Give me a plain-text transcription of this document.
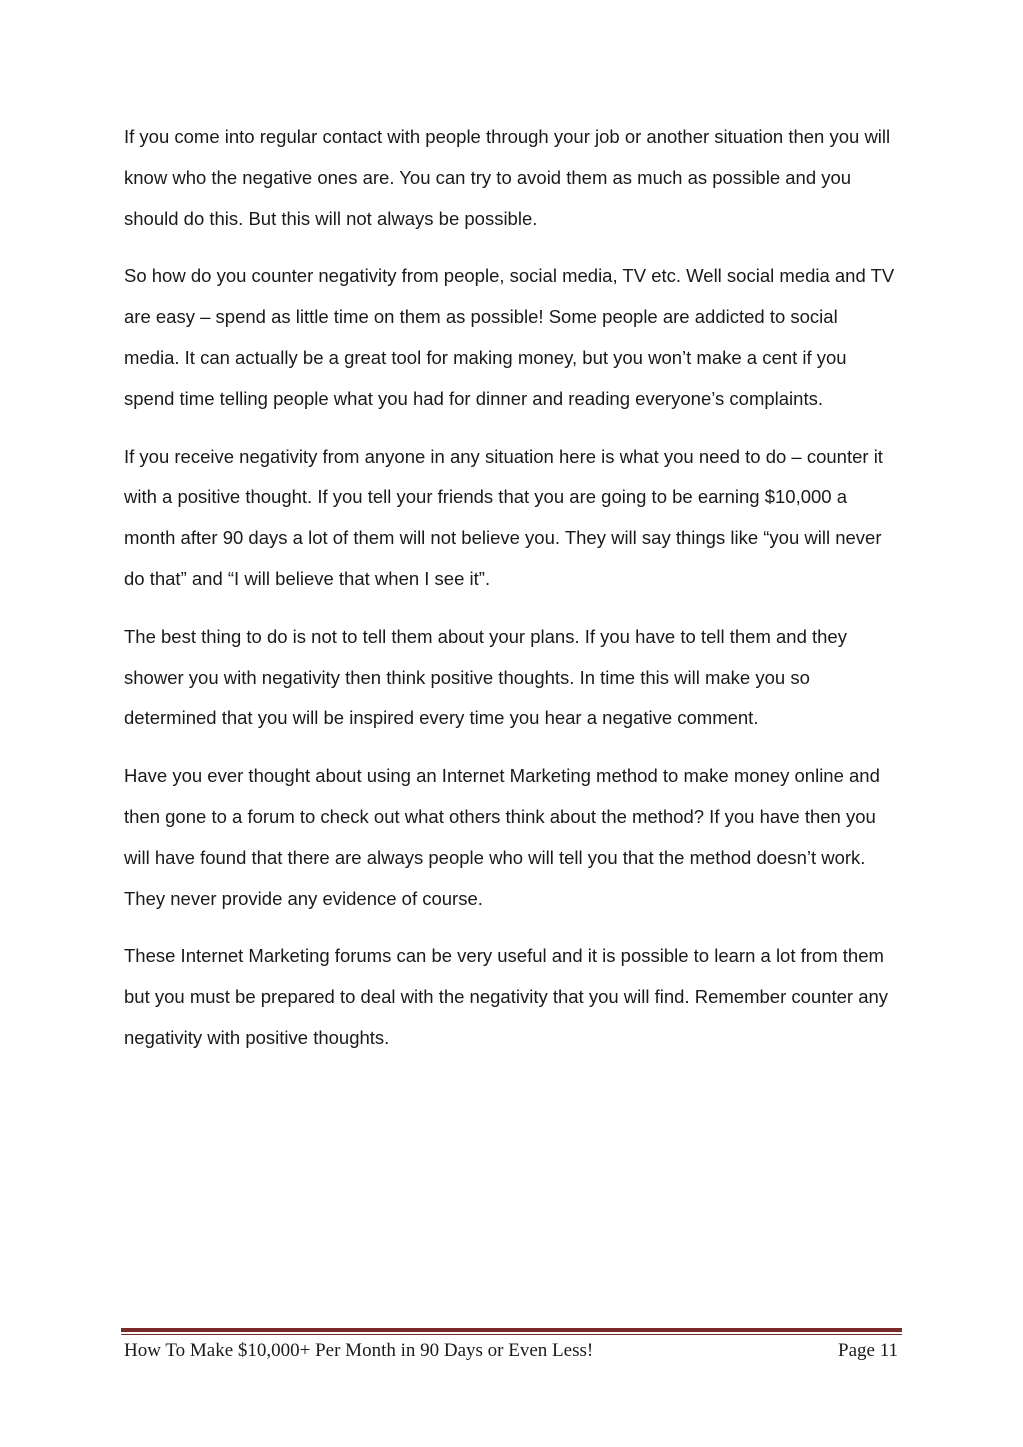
If you come into regular contact with people through your job or another situation then you will know who the negative ones are. You can try to avoid them as much as possible and you should do this. But this will not always be possible.

So how do you counter negativity from people, social media, TV etc. Well social media and TV are easy – spend as little time on them as possible! Some people are addicted to social media. It can actually be a great tool for making money, but you won’t make a cent if you spend time telling people what you had for dinner and reading everyone’s complaints.

If you receive negativity from anyone in any situation here is what you need to do – counter it with a positive thought. If you tell your friends that you are going to be earning $10,000 a month after 90 days a lot of them will not believe you. They will say things like “you will never do that” and “I will believe that when I see it”.

The best thing to do is not to tell them about your plans. If you have to tell them and they shower you with negativity then think positive thoughts. In time this will make you so determined that you will be inspired every time you hear a negative comment.

Have you ever thought about using an Internet Marketing method to make money online and then gone to a forum to check out what others think about the method? If you have then you will have found that there are always people who will tell you that the method doesn’t work. They never provide any evidence of course.

These Internet Marketing forums can be very useful and it is possible to learn a lot from them but you must be prepared to deal with the negativity that you will find. Remember counter any negativity with positive thoughts.

How To Make $10,000+ Per Month in 90 Days or Even Less!	Page 11
